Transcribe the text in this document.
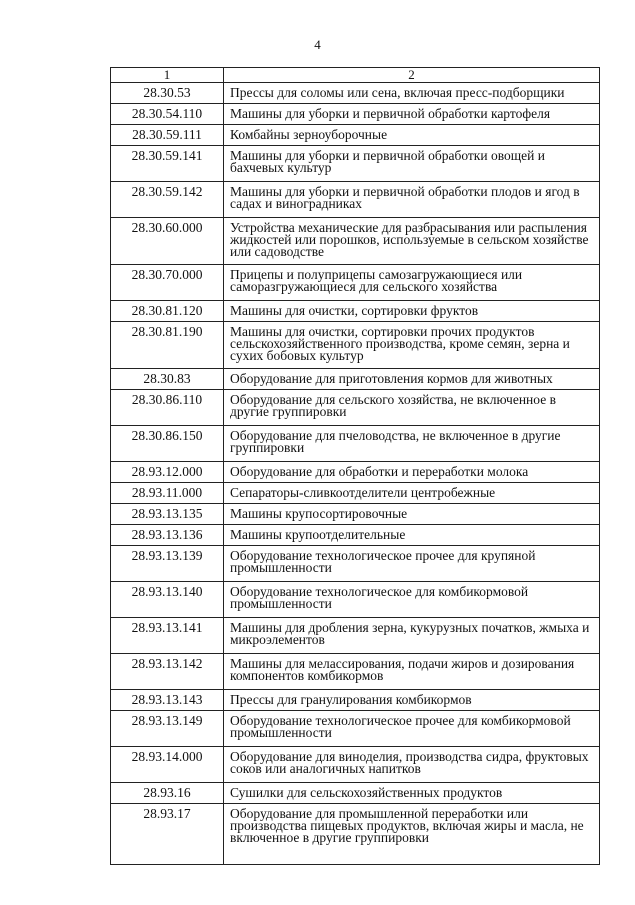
4
1	2
28.30.53	Прессы для соломы или сена, включая пресс-подборщики
28.30.54.110	Машины для уборки и первичной обработки картофеля
28.30.59.111	Комбайны зерноуборочные
28.30.59.141	Машины для уборки и первичной обработки овощей и бахчевых культур
28.30.59.142	Машины для уборки и первичной обработки плодов и ягод в садах и виноградниках
28.30.60.000	Устройства механические для разбрасывания или распыления жидкостей или порошков, используемые в сельском хозяйстве или садоводстве
28.30.70.000	Прицепы и полуприцепы самозагружающиеся или саморазгружающиеся для сельского хозяйства
28.30.81.120	Машины для очистки, сортировки фруктов
28.30.81.190	Машины для очистки, сортировки прочих продуктов сельскохозяйственного производства, кроме семян, зерна и сухих бобовых культур
28.30.83	Оборудование для приготовления кормов для животных
28.30.86.110	Оборудование для сельского хозяйства, не включенное в другие группировки
28.30.86.150	Оборудование для пчеловодства, не включенное в другие группировки
28.93.12.000	Оборудование для обработки и переработки молока
28.93.11.000	Сепараторы-сливкоотделители центробежные
28.93.13.135	Машины крупосортировочные
28.93.13.136	Машины крупоотделительные
28.93.13.139	Оборудование технологическое прочее для крупяной промышленности
28.93.13.140	Оборудование технологическое для комбикормовой промышленности
28.93.13.141	Машины для дробления зерна, кукурузных початков, жмыха и микроэлементов
28.93.13.142	Машины для мелассирования, подачи жиров и дозирования компонентов комбикормов
28.93.13.143	Прессы для гранулирования комбикормов
28.93.13.149	Оборудование технологическое прочее для комбикормовой промышленности
28.93.14.000	Оборудование для виноделия, производства сидра, фруктовых соков или аналогичных напитков
28.93.16	Сушилки для сельскохозяйственных продуктов
28.93.17	Оборудование для промышленной переработки или производства пищевых продуктов, включая жиры и масла, не включенное в другие группировки
